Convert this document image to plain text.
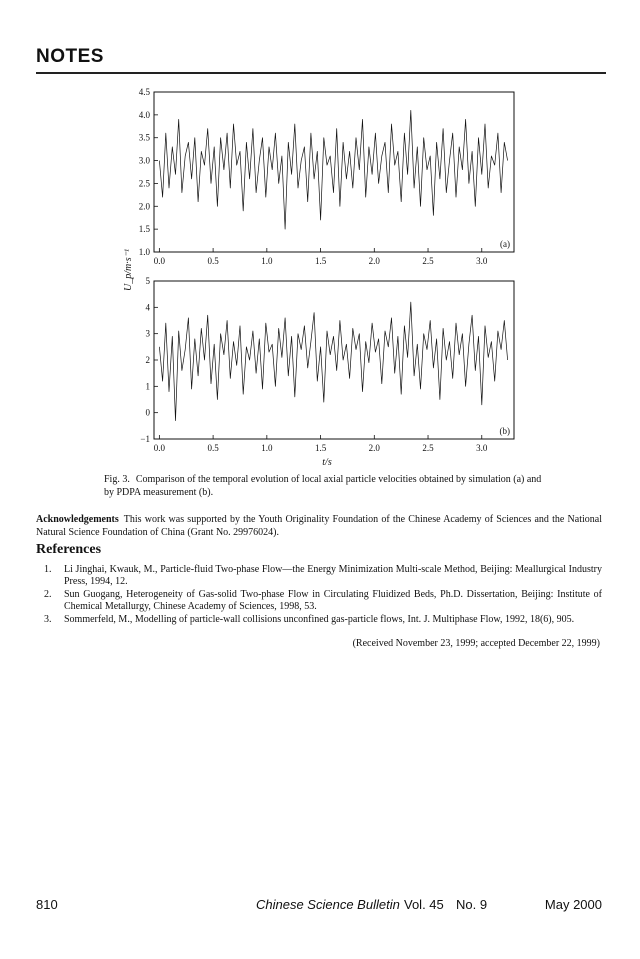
NOTES
U_p/m·s⁻¹
t/s
0.0	0.5	1.0	1.5	2.0	2.5	3.0
1.0
1.5
2.0
2.5
3.0
3.5
4.0
4.5
(a)
0.0	0.5	1.0	1.5	2.0	2.5	3.0
−1
0
1
2
3
4
5
(b)
Fig. 3. Comparison of the temporal evolution of local axial particle velocities obtained by simulation (a) and by PDPA measurement (b).
Acknowledgements This work was supported by the Youth Originality Foundation of the Chinese Academy of Sciences and the National Natural Science Foundation of China (Grant No. 29976024).
References
1. Li Jinghai, Kwauk, M., Particle-fluid Two-phase Flow—the Energy Minimization Multi-scale Method, Beijing: Meallurgical Industry Press, 1994, 12.
2. Sun Guogang, Heterogeneity of Gas-solid Two-phase Flow in Circulating Fluidized Beds, Ph.D. Dissertation, Beijing: Institute of Chemical Metallurgy, Chinese Academy of Sciences, 1998, 53.
3. Sommerfeld, M., Modelling of particle-wall collisions unconfined gas-particle flows, Int. J. Multiphase Flow, 1992, 18(6), 905.
(Received November 23, 1999; accepted December 22, 1999)
810	Chinese Science Bulletin Vol. 45 No. 9	May 2000
